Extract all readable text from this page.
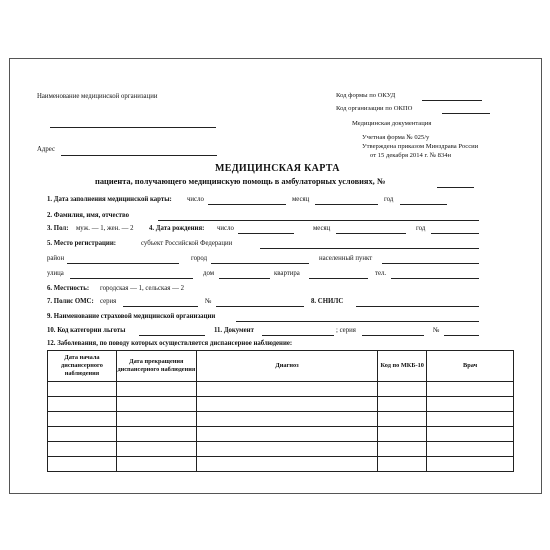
Наименование медицинской организации
Адрес
Код формы по ОКУД
Код организации по ОКПО
Медицинская документация
Учетная форма № 025/у
Утверждена приказом Минздрава России
от 15 декабря 2014 г. № 834н
МЕДИЦИНСКАЯ КАРТА
пациента, получающего медицинскую помощь в амбулаторных условиях, №
1. Дата заполнения медицинской карты: число	месяц	год
2. Фамилия, имя, отчество
3. Пол: муж. — 1, жен. — 2 4. Дата рождения: число	месяц	год
5. Место регистрации:	субъект Российской Федерации
район	город	населенный пункт
улица	дом	квартира	тел.
6. Местность: городская — 1, сельская — 2
7. Полис ОМС: серия	№	8. СНИЛС
9. Наименование страховой медицинской организации
10. Код категории льготы	11. Документ	; серия	№
12. Заболевания, по поводу которых осуществляется диспансерное наблюдение:
Дата начала диспансерного наблюдения	Дата прекращения диспансерного наблюдения	Диагноз	Код по МКБ-10	Врач
